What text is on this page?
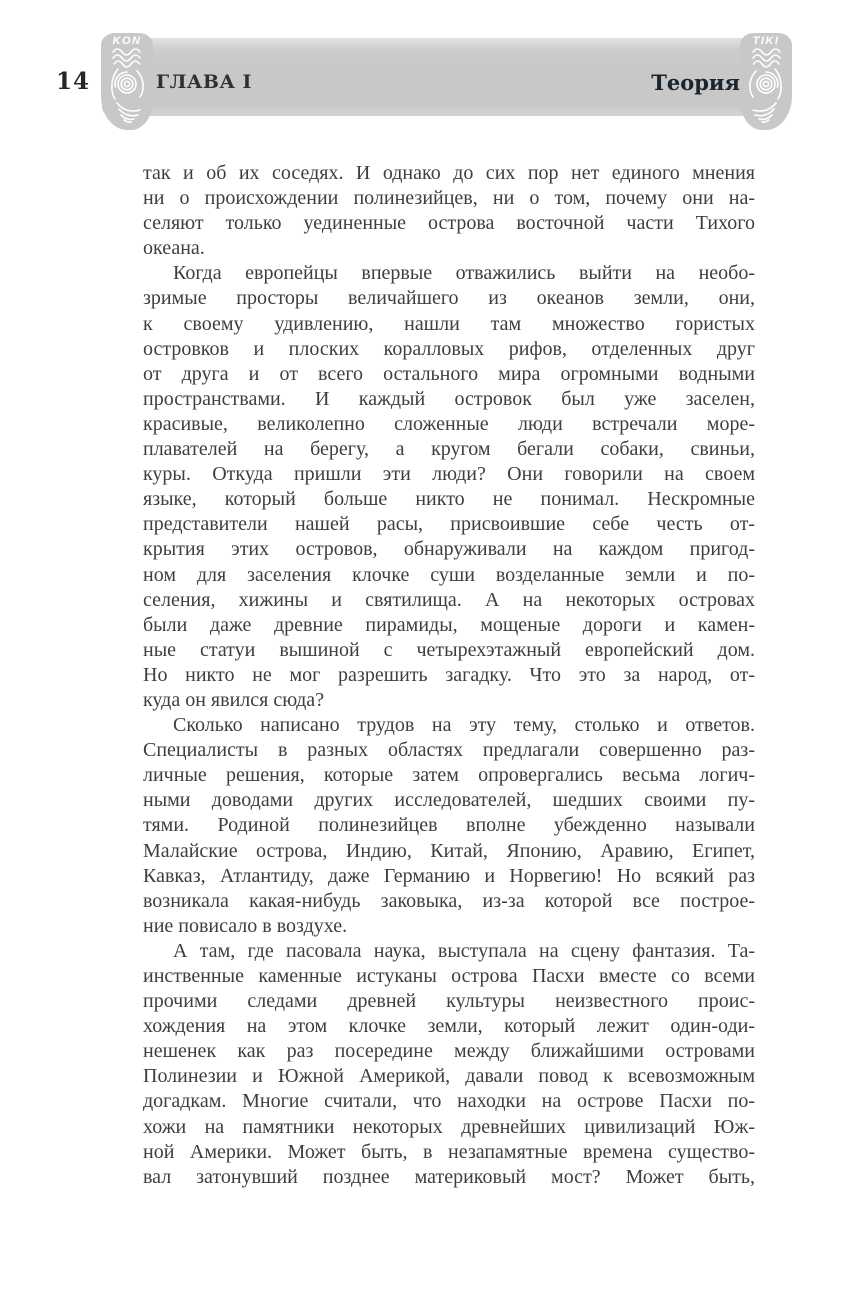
14	ГЛАВА I	Теория
KON	TIKI

так и об их соседях. И однако до сих пор нет единого мнения
ни о происхождении полинезийцев, ни о том, почему они на-
селяют только уединенные острова восточной части Тихого
океана.

Когда европейцы впервые отважились выйти на необо-
зримые просторы величайшего из океанов земли, они,
к своему удивлению, нашли там множество гористых
островков и плоских коралловых рифов, отделенных друг
от друга и от всего остального мира огромными водными
пространствами. И каждый островок был уже заселен,
красивые, великолепно сложенные люди встречали море-
плавателей на берегу, а кругом бегали собаки, свиньи,
куры. Откуда пришли эти люди? Они говорили на своем
языке, который больше никто не понимал. Нескромные
представители нашей расы, присвоившие себе честь от-
крытия этих островов, обнаруживали на каждом пригод-
ном для заселения клочке суши возделанные земли и по-
селения, хижины и святилища. А на некоторых островах
были даже древние пирамиды, мощеные дороги и камен-
ные статуи вышиной с четырехэтажный европейский дом.
Но никто не мог разрешить загадку. Что это за народ, от-
куда он явился сюда?

Сколько написано трудов на эту тему, столько и ответов.
Специалисты в разных областях предлагали совершенно раз-
личные решения, которые затем опровергались весьма логич-
ными доводами других исследователей, шедших своими пу-
тями. Родиной полинезийцев вполне убежденно называли
Малайские острова, Индию, Китай, Японию, Аравию, Египет,
Кавказ, Атлантиду, даже Германию и Норвегию! Но всякий раз
возникала какая-нибудь заковыка, из-за которой все построе-
ние повисало в воздухе.

А там, где пасовала наука, выступала на сцену фантазия. Та-
инственные каменные истуканы острова Пасхи вместе со всеми
прочими следами древней культуры неизвестного проис-
хождения на этом клочке земли, который лежит один-оди-
нешенек как раз посередине между ближайшими островами
Полинезии и Южной Америкой, давали повод к всевозможным
догадкам. Многие считали, что находки на острове Пасхи по-
хожи на памятники некоторых древнейших цивилизаций Юж-
ной Америки. Может быть, в незапамятные времена существо-
вал затонувший позднее материковый мост? Может быть,
